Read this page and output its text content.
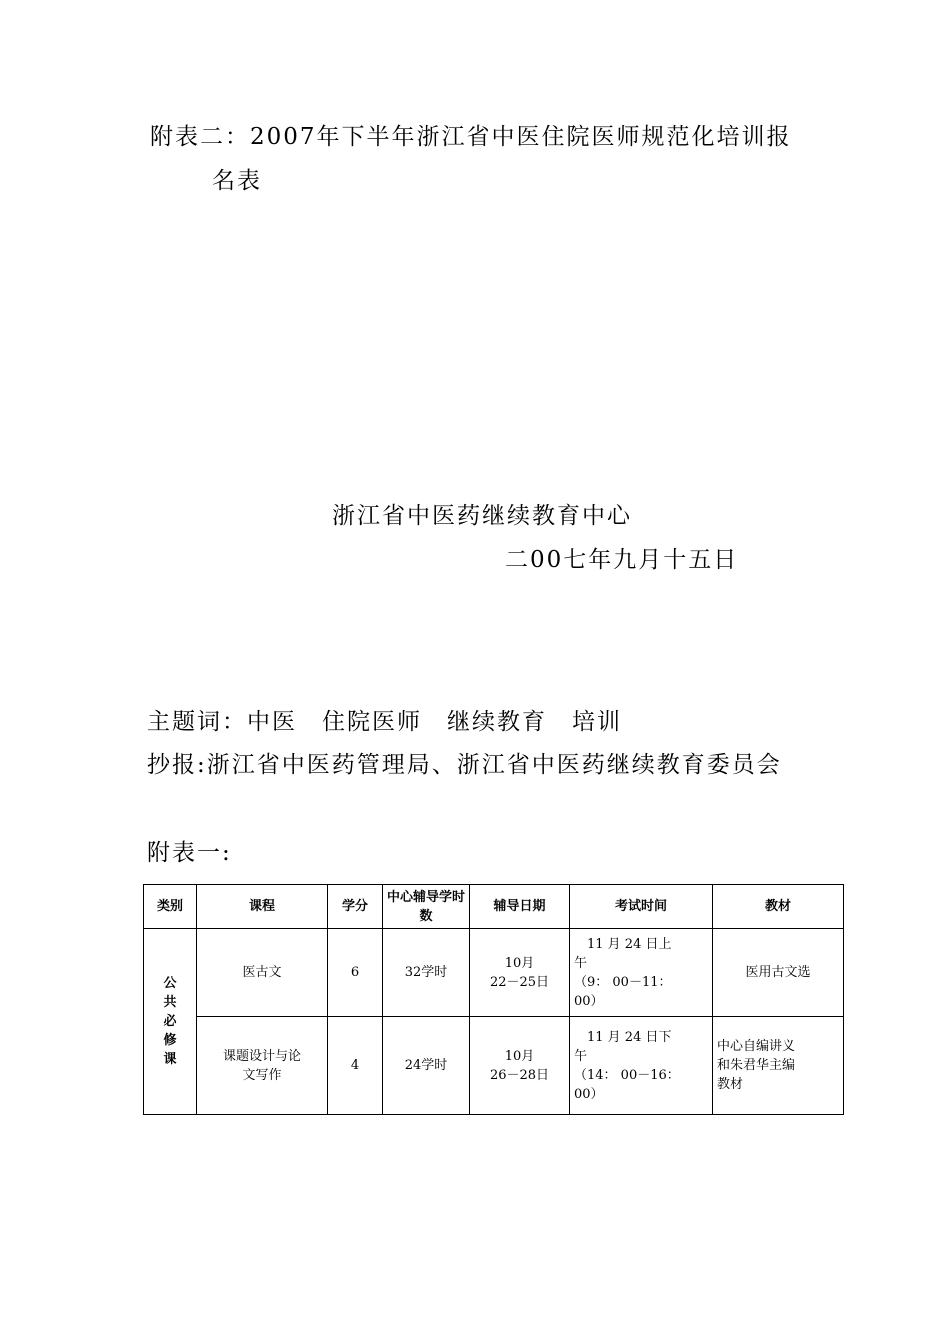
附表二：2007年下半年浙江省中医住院医师规范化培训报
名表
浙江省中医药继续教育中心
二00七年九月十五日
主题词：中医　住院医师　继续教育　培训
抄报:浙江省中医药管理局、浙江省中医药继续教育委员会
附表一:
类别	课程	学分	中心辅导学时数	辅导日期	考试时间	教材
公
共
必
修
课	医古文	6	32学时	10月
22－25日	　11 月 24 日上
午
（9： 00－11：
00）	医用古文选
	课题设计与论
文写作	4	24学时	10月
26－28日	　11 月 24 日下
午
（14： 00－16：
00）	中心自编讲义
和朱君华主编
教材
